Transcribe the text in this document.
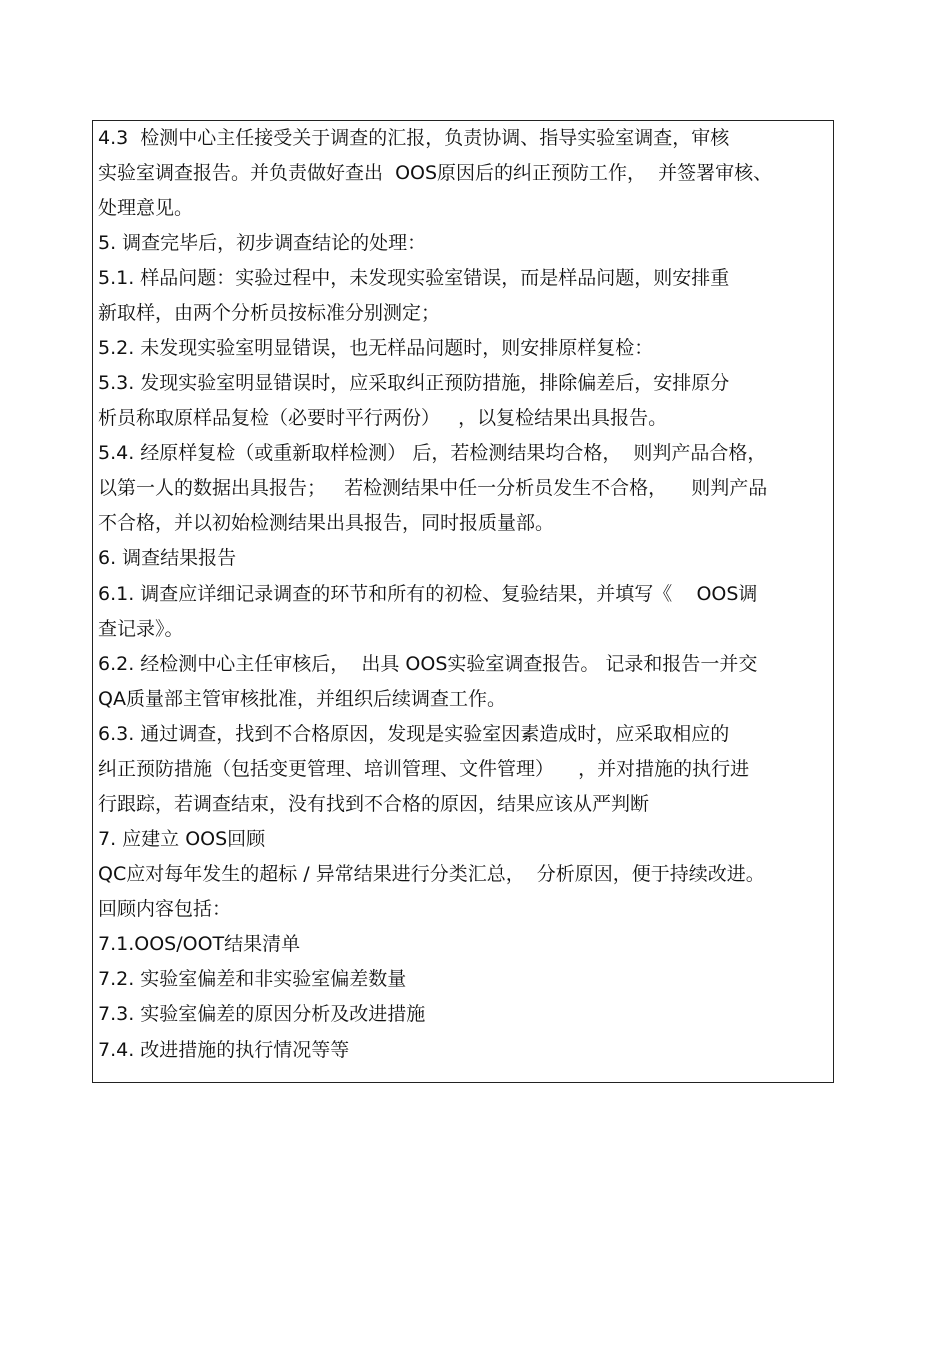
4.3  检测中心主任接受关于调查的汇报，负责协调、指导实验室调查，审核
实验室调查报告。并负责做好查出  OOS原因后的纠正预防工作，  并签署审核、
处理意见。
5. 调查完毕后，初步调查结论的处理：
5.1. 样品问题：实验过程中，未发现实验室错误，而是样品问题，则安排重
新取样，由两个分析员按标准分别测定；
5.2. 未发现实验室明显错误，也无样品问题时，则安排原样复检：
5.3. 发现实验室明显错误时，应采取纠正预防措施，排除偏差后，安排原分
析员称取原样品复检（必要时平行两份）   ，以复检结果出具报告。
5.4. 经原样复检（或重新取样检测） 后，若检测结果均合格，  则判产品合格，
以第一人的数据出具报告；   若检测结果中任一分析员发生不合格，    则判产品
不合格，并以初始检测结果出具报告，同时报质量部。
6. 调查结果报告
6.1. 调查应详细记录调查的环节和所有的初检、复验结果，并填写《    OOS调
查记录》。
6.2. 经检测中心主任审核后，  出具 OOS实验室调查报告。 记录和报告一并交
QA质量部主管审核批准，并组织后续调查工作。
6.3. 通过调查，找到不合格原因，发现是实验室因素造成时，应采取相应的
纠正预防措施（包括变更管理、培训管理、文件管理）    ，并对措施的执行进
行跟踪，若调查结束，没有找到不合格的原因，结果应该从严判断
7. 应建立 OOS回顾
QC应对每年发生的超标 / 异常结果进行分类汇总，  分析原因，便于持续改进。
回顾内容包括：
7.1.OOS/OOT结果清单
7.2. 实验室偏差和非实验室偏差数量
7.3. 实验室偏差的原因分析及改进措施
7.4. 改进措施的执行情况等等
